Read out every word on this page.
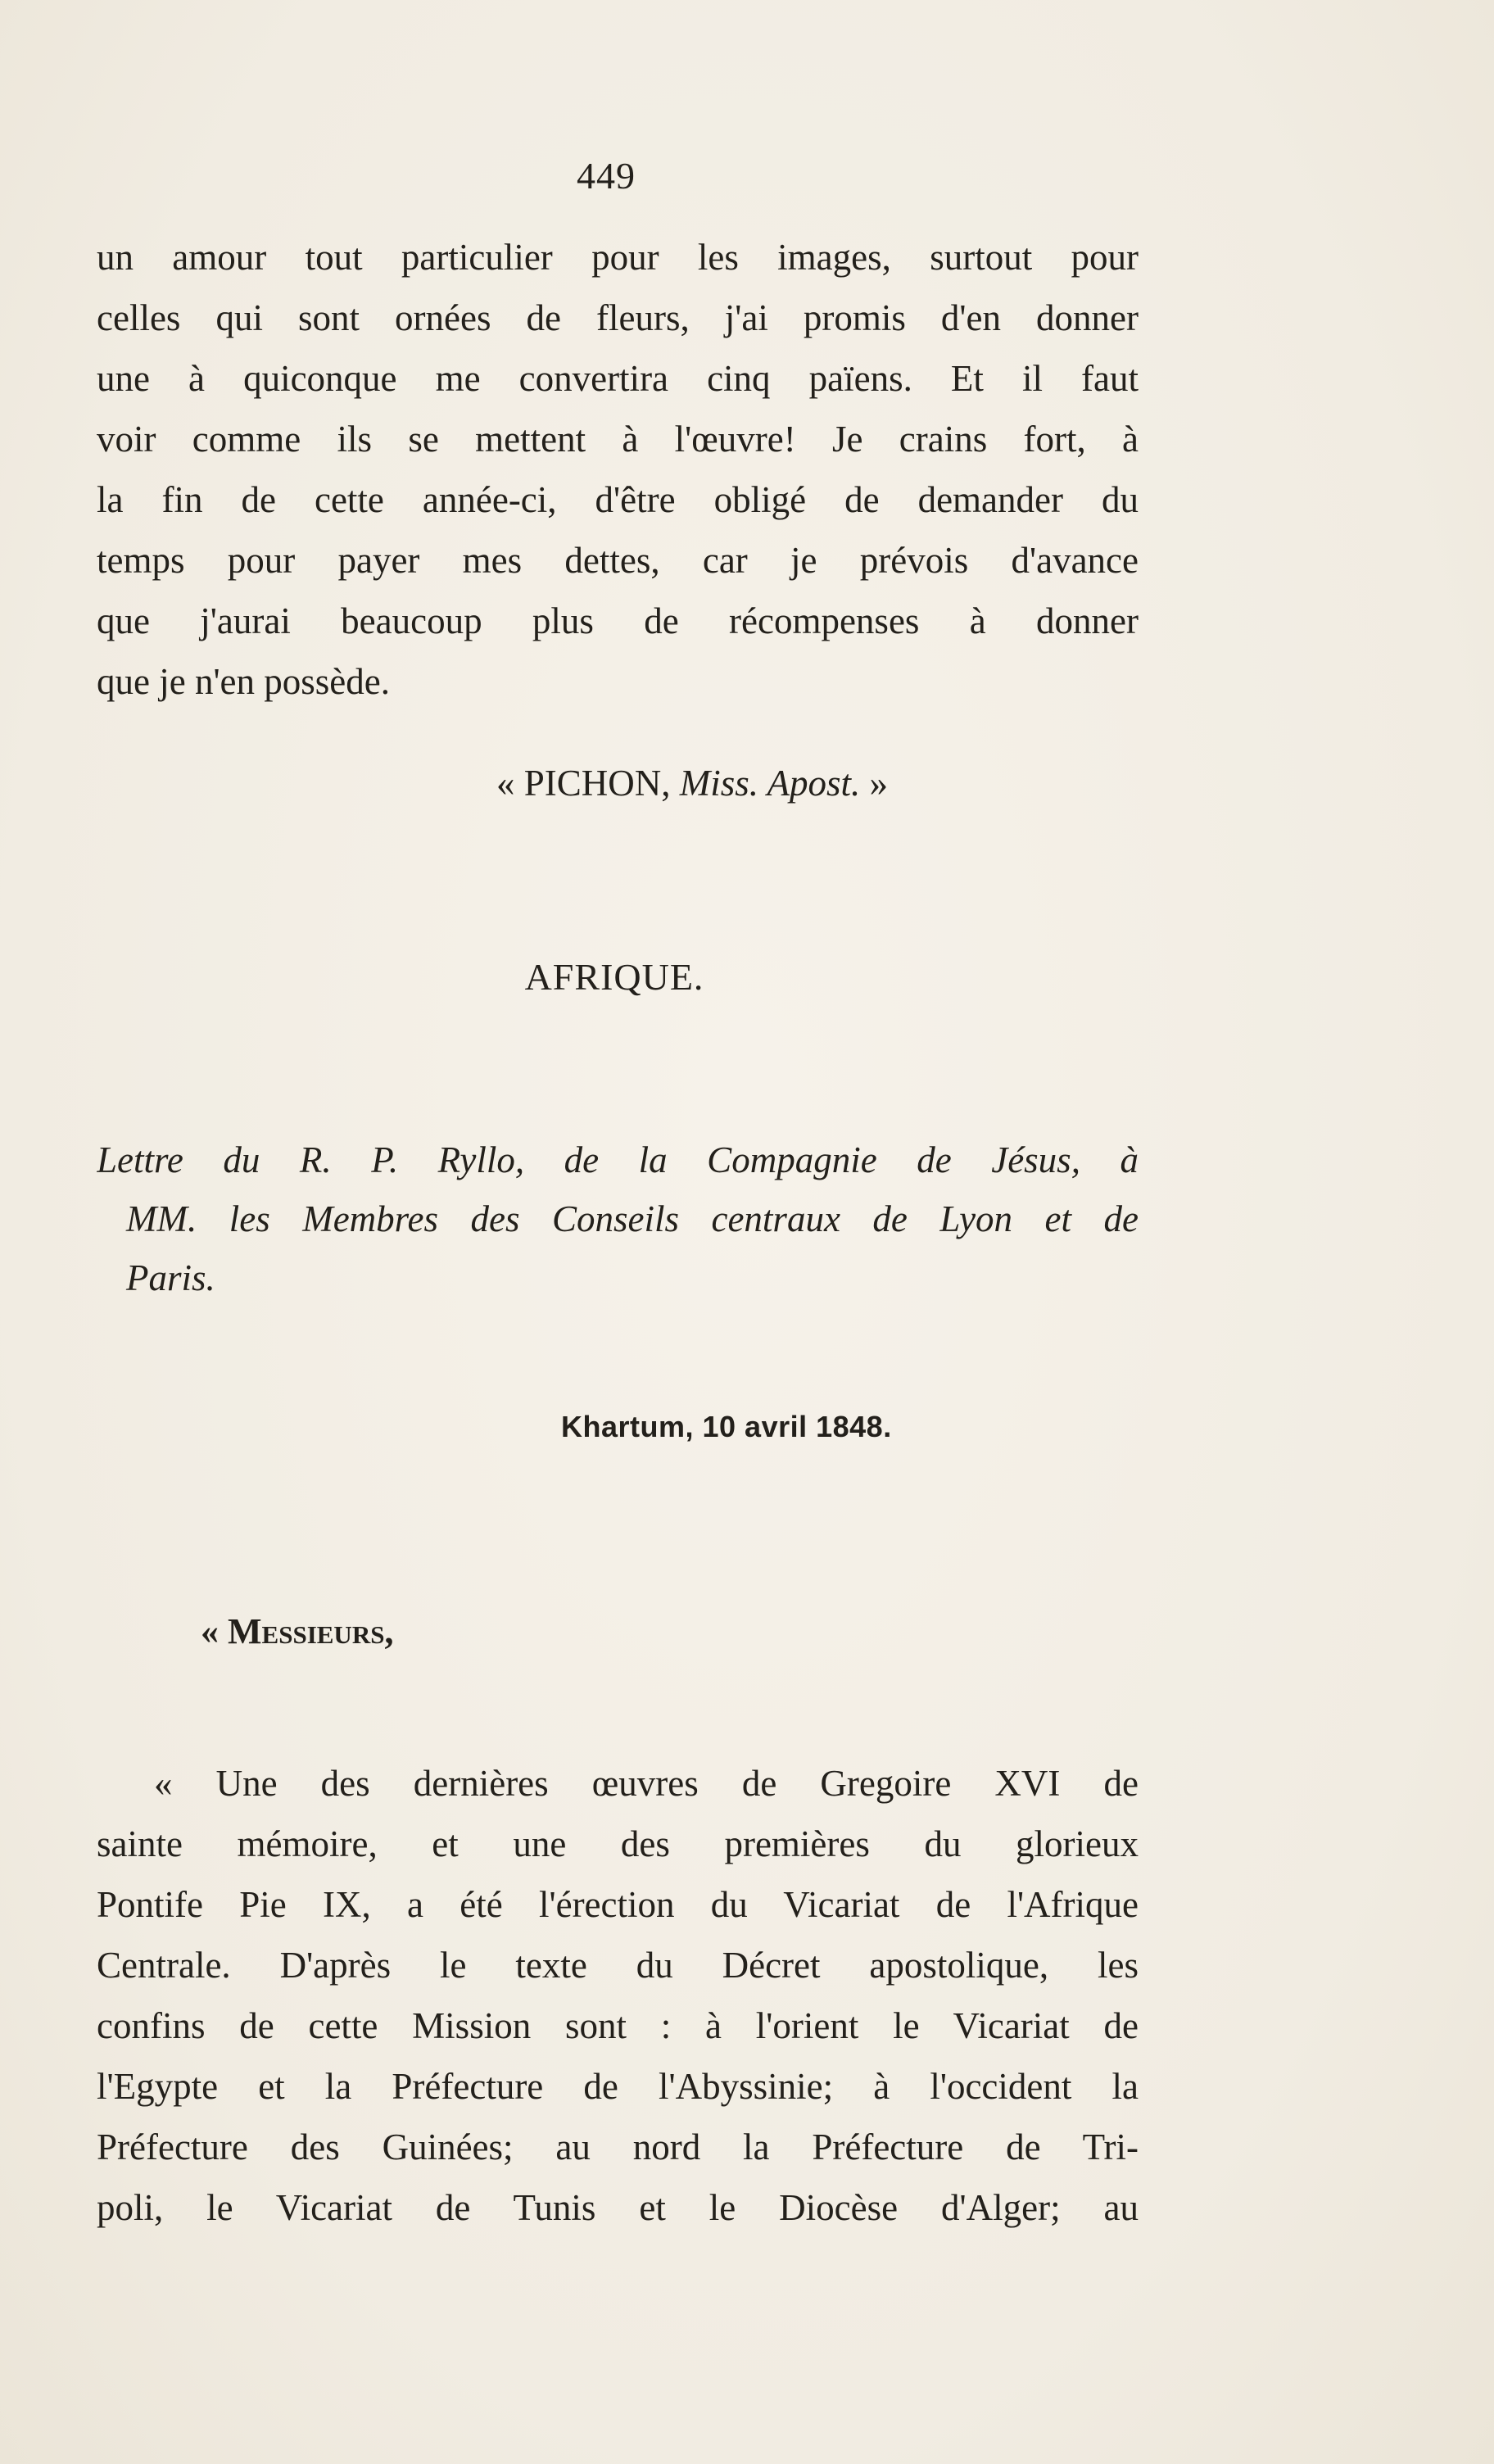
449
un amour tout particulier pour les images, surtout pour
celles qui sont ornées de fleurs, j'ai promis d'en donner
une à quiconque me convertira cinq païens. Et il faut
voir comme ils se mettent à l'œuvre! Je crains fort, à
la fin de cette année-ci, d'être obligé de demander du
temps pour payer mes dettes, car je prévois d'avance
que j'aurai beaucoup plus de récompenses à donner
que je n'en possède.
« PICHON, Miss. Apost. »
AFRIQUE.
Lettre du R. P. Ryllo, de la Compagnie de Jésus, à
MM. les Membres des Conseils centraux de Lyon et de
Paris.
Khartum, 10 avril 1848.
« Messieurs,
« Une des dernières œuvres de Gregoire XVI de
sainte mémoire, et une des premières du glorieux
Pontife Pie IX, a été l'érection du Vicariat de l'Afrique
Centrale. D'après le texte du Décret apostolique, les
confins de cette Mission sont : à l'orient le Vicariat de
l'Egypte et la Préfecture de l'Abyssinie; à l'occident la
Préfecture des Guinées; au nord la Préfecture de Tri-
poli, le Vicariat de Tunis et le Diocèse d'Alger; au
